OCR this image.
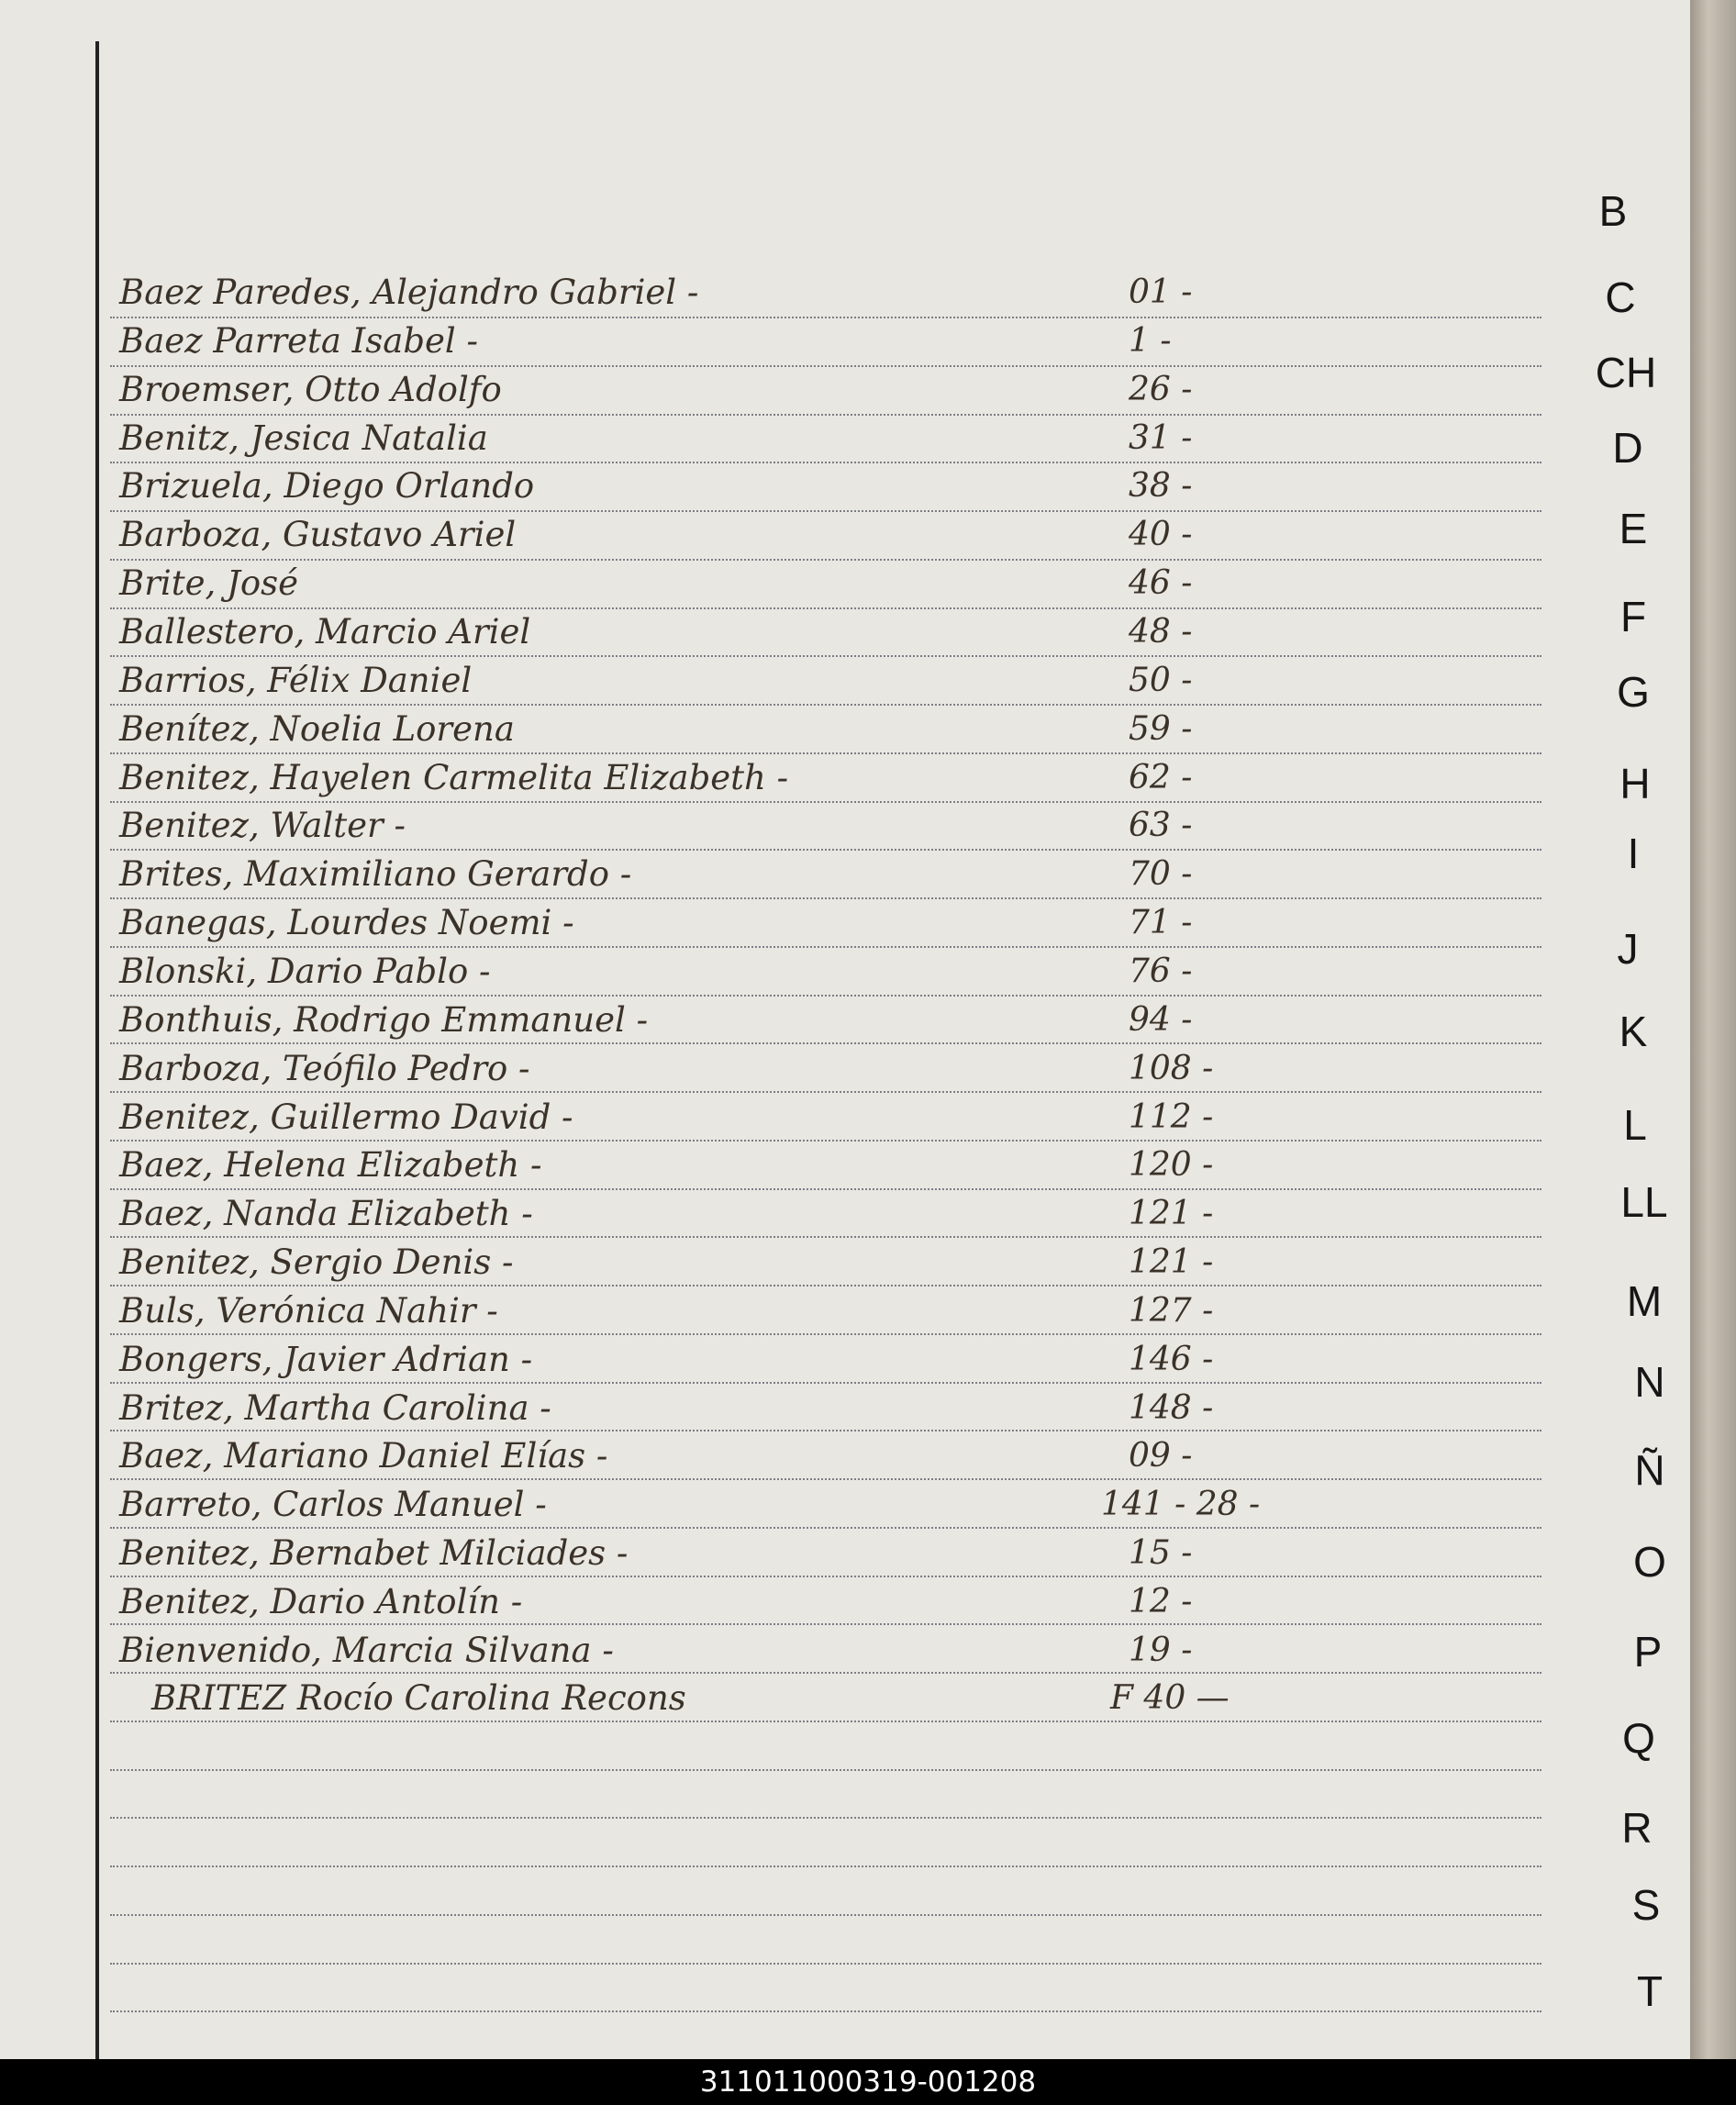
Baez Paredes, Alejandro Gabriel -	01 -
Baez Parreta Isabel -	1 -
Broemser, Otto Adolfo	26 -
Benitz, Jesica Natalia	31 -
Brizuela, Diego Orlando	38 -
Barboza, Gustavo Ariel	40 -
Brite, José	46 -
Ballestero, Marcio Ariel	48 -
Barrios, Félix Daniel	50 -
Benítez, Noelia Lorena	59 -
Benitez, Hayelen Carmelita Elizabeth -	62 -
Benitez, Walter -	63 -
Brites, Maximiliano Gerardo -	70 -
Banegas, Lourdes Noemi -	71 -
Blonski, Dario Pablo -	76 -
Bonthuis, Rodrigo Emmanuel -	94 -
Barboza, Teófilo Pedro -	108 -
Benitez, Guillermo David -	112 -
Baez, Helena Elizabeth -	120 -
Baez, Nanda Elizabeth -	121 -
Benitez, Sergio Denis -	121 -
Buls, Verónica Nahir -	127 -
Bongers, Javier Adrian -	146 -
Britez, Martha Carolina -	148 -
Baez, Mariano Daniel Elías -	09 -
Barreto, Carlos Manuel -	141 - 28 -
Benitez, Bernabet Milciades -	15 -
Benitez, Dario Antolín -	12 -
Bienvenido, Marcia Silvana -	19 -
BRITEZ Rocío Carolina Recons	F 40 —
B
C
CH
D
E
F
G
H
I
J
K
L
LL
M
N
Ñ
O
P
Q
R
S
T
311011000319-001208
